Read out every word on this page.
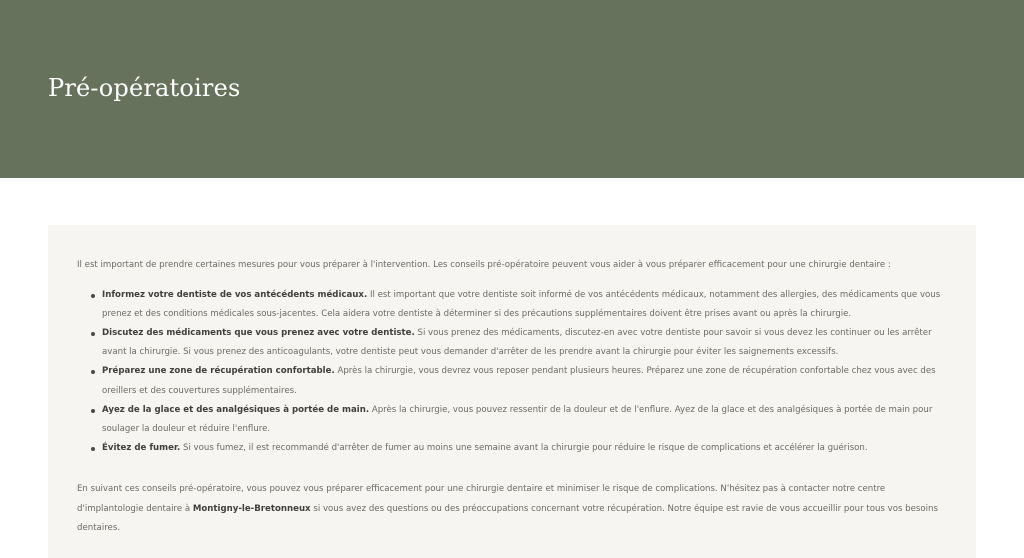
Pré-opératoires

Il est important de prendre certaines mesures pour vous préparer à l'intervention. Les conseils pré-opératoire peuvent vous aider à vous préparer efficacement pour une chirurgie dentaire :

Informez votre dentiste de vos antécédents médicaux. Il est important que votre dentiste soit informé de vos antécédents médicaux, notamment des allergies, des médicaments que vous prenez et des conditions médicales sous-jacentes. Cela aidera votre dentiste à déterminer si des précautions supplémentaires doivent être prises avant ou après la chirurgie.
Discutez des médicaments que vous prenez avec votre dentiste. Si vous prenez des médicaments, discutez-en avec votre dentiste pour savoir si vous devez les continuer ou les arrêter avant la chirurgie. Si vous prenez des anticoagulants, votre dentiste peut vous demander d'arrêter de les prendre avant la chirurgie pour éviter les saignements excessifs.
Préparez une zone de récupération confortable. Après la chirurgie, vous devrez vous reposer pendant plusieurs heures. Préparez une zone de récupération confortable chez vous avec des oreillers et des couvertures supplémentaires.
Ayez de la glace et des analgésiques à portée de main. Après la chirurgie, vous pouvez ressentir de la douleur et de l'enflure. Ayez de la glace et des analgésiques à portée de main pour soulager la douleur et réduire l'enflure.
Évitez de fumer. Si vous fumez, il est recommandé d'arrêter de fumer au moins une semaine avant la chirurgie pour réduire le risque de complications et accélérer la guérison.

En suivant ces conseils pré-opératoire, vous pouvez vous préparer efficacement pour une chirurgie dentaire et minimiser le risque de complications. N'hésitez pas à contacter notre centre d'implantologie dentaire à Montigny-le-Bretonneux si vous avez des questions ou des préoccupations concernant votre récupération. Notre équipe est ravie de vous accueillir pour tous vos besoins dentaires.
